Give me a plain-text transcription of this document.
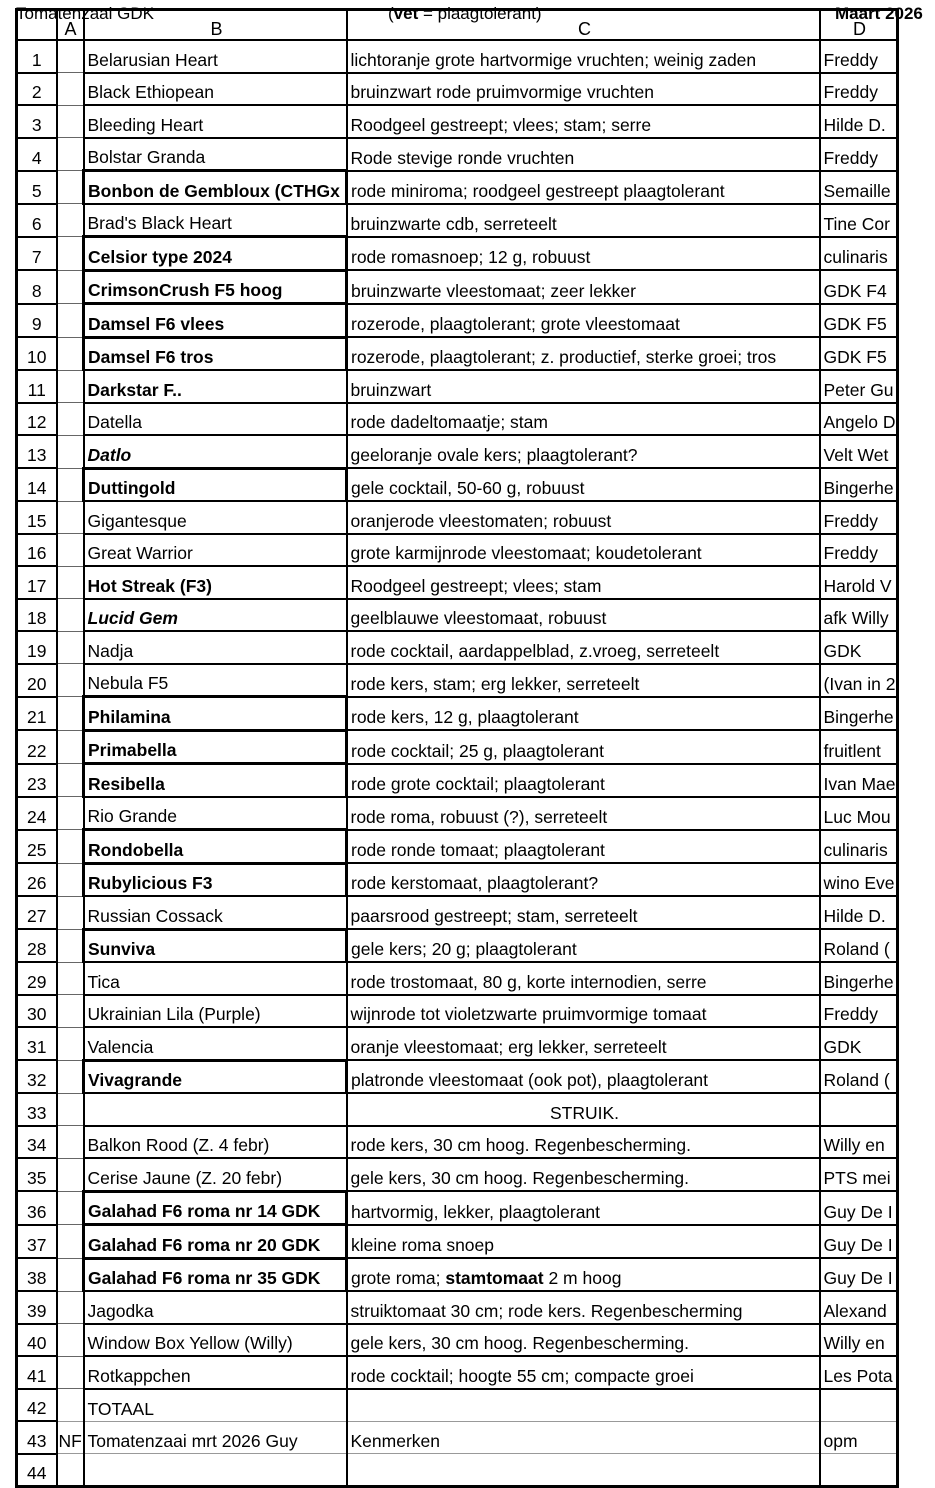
Tomatenzaai GDK	(vet = plaagtolerant)	Maart 2026
	A	B	C	D
1		Belarusian Heart	lichtoranje grote hartvormige vruchten; weinig zaden	Freddy
2		Black Ethiopean	bruinzwart rode pruimvormige vruchten	Freddy
3		Bleeding Heart	Roodgeel gestreept; vlees; stam; serre	Hilde D.
4		Bolstar Granda	Rode stevige ronde vruchten	Freddy
5		Bonbon de Gembloux (CTHGx	rode miniroma; roodgeel gestreept plaagtolerant	Semaille
6		Brad's Black Heart	bruinzwarte cdb, serreteelt	Tine Cor
7		Celsior type 2024	rode romasnoep; 12 g, robuust	culinaris
8		CrimsonCrush F5 hoog	bruinzwarte vleestomaat; zeer lekker	GDK F4
9		Damsel F6 vlees	rozerode, plaagtolerant; grote vleestomaat	GDK F5
10		Damsel F6 tros	rozerode, plaagtolerant; z. productief, sterke groei; tros	GDK F5
11		Darkstar F..	bruinzwart	Peter Gu
12		Datella	rode dadeltomaatje; stam	Angelo D
13		Datlo	geeloranje ovale kers; plaagtolerant?	Velt Wet
14		Duttingold	gele cocktail, 50-60 g, robuust	Bingerhe
15		Gigantesque	oranjerode vleestomaten; robuust	Freddy
16		Great Warrior	grote karmijnrode vleestomaat; koudetolerant	Freddy
17		Hot Streak (F3)	Roodgeel gestreept; vlees; stam	Harold V
18		Lucid Gem	geelblauwe vleestomaat, robuust	afk Willy
19		Nadja	rode cocktail, aardappelblad, z.vroeg, serreteelt	GDK
20		Nebula F5	rode kers, stam; erg lekker, serreteelt	(Ivan in 2
21		Philamina	rode kers, 12 g, plaagtolerant	Bingerhe
22		Primabella	rode cocktail; 25 g, plaagtolerant	fruitlent
23		Resibella	rode grote cocktail; plaagtolerant	Ivan Mae
24		Rio Grande	rode roma, robuust (?), serreteelt	Luc Mou
25		Rondobella	rode ronde tomaat; plaagtolerant	culinaris
26		Rubylicious F3	rode kerstomaat, plaagtolerant?	wino Eve
27		Russian Cossack	paarsrood gestreept; stam, serreteelt	Hilde D.
28		Sunviva	gele kers; 20 g; plaagtolerant	Roland (
29		Tica	rode trostomaat, 80 g, korte internodien, serre	Bingerhe
30		Ukrainian Lila (Purple)	wijnrode tot violetzwarte pruimvormige tomaat	Freddy
31		Valencia	oranje vleestomaat; erg lekker, serreteelt	GDK
32		Vivagrande	platronde vleestomaat (ook pot), plaagtolerant	Roland (
33			STRUIK.	
34		Balkon Rood (Z. 4 febr)	rode kers, 30 cm hoog. Regenbescherming.	Willy en
35		Cerise Jaune (Z. 20 febr)	gele kers, 30 cm hoog. Regenbescherming.	PTS mei
36		Galahad F6 roma nr 14 GDK	hartvormig, lekker, plaagtolerant	Guy De I
37		Galahad F6 roma nr 20 GDK	kleine roma snoep	Guy De I
38		Galahad F6 roma nr 35 GDK	grote roma; stamtomaat 2 m hoog	Guy De I
39		Jagodka	struiktomaat 30 cm; rode kers. Regenbescherming	Alexand
40		Window Box Yellow (Willy)	gele kers, 30 cm hoog. Regenbescherming.	Willy en
41		Rotkappchen	rode cocktail; hoogte 55 cm; compacte groei	Les Pota
42		TOTAAL		
43	NF	Tomatenzaai mrt 2026 Guy	Kenmerken	opm
44				
